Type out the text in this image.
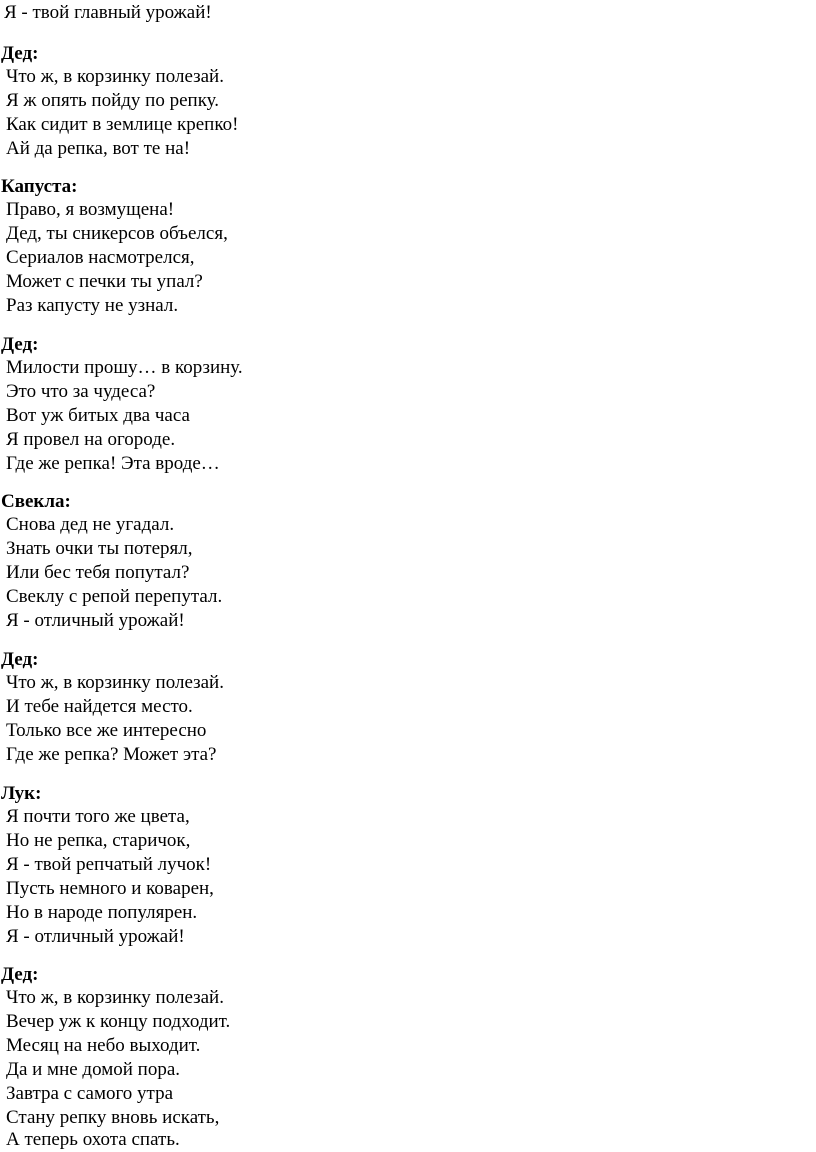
Я - твой главный урожай!
Дед:
Что ж, в корзинку полезай.
Я ж опять пойду по репку.
Как сидит в землице крепко!
Ай да репка, вот те на!
Капуста:
Право, я возмущена!
Дед, ты сникерсов объелся,
Сериалов насмотрелся,
Может с печки ты упал?
Раз капусту не узнал.
Дед:
Милости прошу… в корзину.
Это что за чудеса?
Вот уж битых два часа
Я провел на огороде.
Где же репка! Эта вроде…
Свекла:
Снова дед не угадал.
Знать очки ты потерял,
Или бес тебя попутал?
Свеклу с репой перепутал.
Я - отличный урожай!
Дед:
Что ж, в корзинку полезай.
И тебе найдется место.
Только все же интересно
Где же репка? Может эта?
Лук:
Я почти того же цвета,
Но не репка, старичок,
Я - твой репчатый лучок!
Пусть немного и коварен,
Но в народе популярен.
Я - отличный урожай!
Дед:
Что ж, в корзинку полезай.
Вечер уж к концу подходит.
Месяц на небо выходит.
Да и мне домой пора.
Завтра с самого утра
Стану репку вновь искать,
А теперь охота спать.
